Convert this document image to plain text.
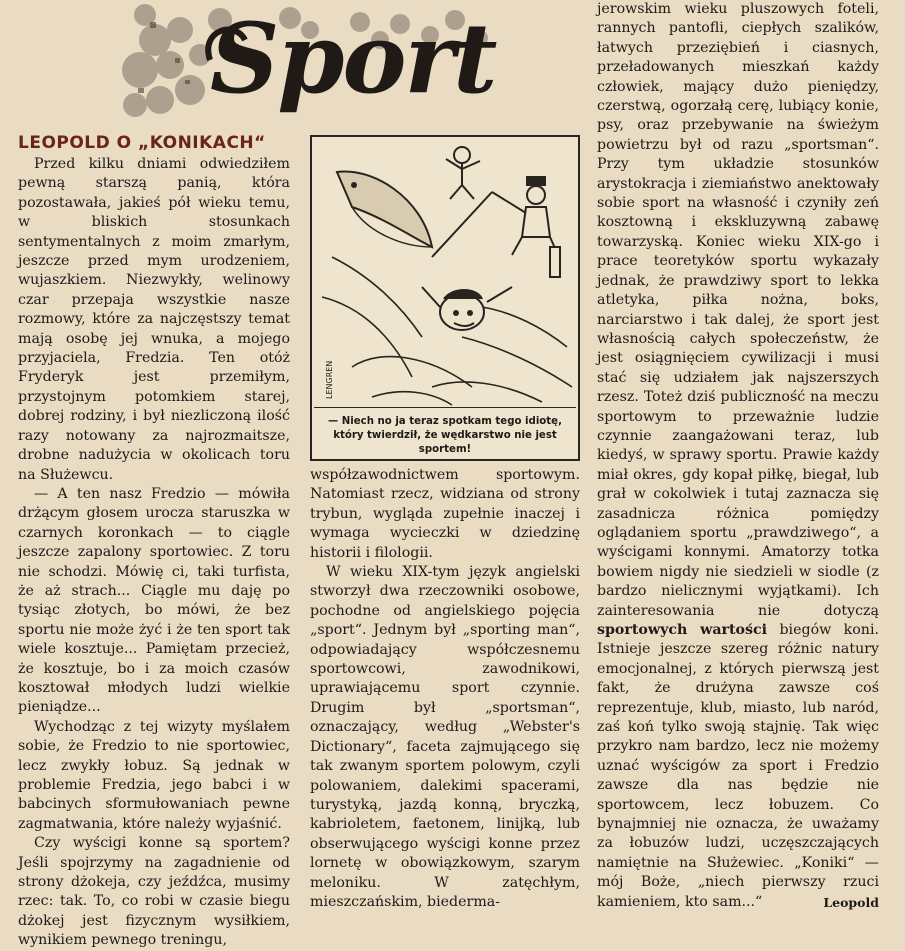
Sport
LEOPOLD O „KONIKACH“

Przed kilku dniami odwiedziłem pewną starszą panią, która pozostawała, jakieś pół wieku temu, w bliskich stosunkach sentymentalnych z moim zmarłym, jeszcze przed mym urodzeniem, wujaszkiem. Niezwykły, welinowy czar przepaja wszystkie nasze rozmowy, które za najczęstszy temat mają osobę jej wnuka, a mojego przyjaciela, Fredzia. Ten otóż Fryderyk jest przemiłym, przystojnym potomkiem starej, dobrej rodziny, i był niezliczoną ilość razy notowany za najrozmaitsze, drobne nadużycia w okolicach toru na Służewcu.

— A ten nasz Fredzio — mówiła drżącym głosem urocza staruszka w czarnych koronkach — to ciągle jeszcze zapalony sportowiec. Z toru nie schodzi. Mówię ci, taki turfista, że aż strach... Ciągle mu daję po tysiąc złotych, bo mówi, że bez sportu nie może żyć i że ten sport tak wiele kosztuje... Pamiętam przecież, że kosztuje, bo i za moich czasów kosztował młodych ludzi wielkie pieniądze...

Wychodząc z tej wizyty myślałem sobie, że Fredzio to nie sportowiec, lecz zwykły łobuz. Są jednak w problemie Fredzia, jego babci i w babcinych sformułowaniach pewne zagmatwania, które należy wyjaśnić.

Czy wyścigi konne są sportem? Jeśli spojrzymy na zagadnienie od strony dżokeja, czy jeźdźca, musimy rzec: tak. To, co robi w czasie biegu dżokej jest fizycznym wysiłkiem, wynikiem pewnego treningu,

LENGREN
— Niech no ja teraz spotkam tego idiotę, który twierdził, że wędkarstwo nie jest sportem!

współzawodnictwem sportowym. Natomiast rzecz, widziana od strony trybun, wygląda zupełnie inaczej i wymaga wycieczki w dziedzinę historii i filologii.

W wieku XIX-tym język angielski stworzył dwa rzeczowniki osobowe, pochodne od angielskiego pojęcia „sport“. Jednym był „sporting man“, odpowiadający współczesnemu sportowcowi, zawodnikowi, uprawiającemu sport czynnie. Drugim był „sportsman“, oznaczający, według „Webster's Dictionary“, faceta zajmującego się tak zwanym sportem polowym, czyli polowaniem, dalekimi spacerami, turystyką, jazdą konną, bryczką, kabrioletem, faetonem, linijką, lub obserwującego wyścigi konne przez lornetę w obowiązkowym, szarym meloniku. W zatęchłym, mieszczańskim, biederma-

jerowskim wieku pluszowych foteli, rannych pantofli, ciepłych szalików, łatwych przeziębień i ciasnych, przeładowanych mieszkań każdy człowiek, mający dużo pieniędzy, czerstwą, ogorzałą cerę, lubiący konie, psy, oraz przebywanie na świeżym powietrzu był od razu „sportsman“. Przy tym układzie stosunków arystokracja i ziemiaństwo anektowały sobie sport na własność i czyniły zeń kosztowną i ekskluzywną zabawę towarzyską. Koniec wieku XIX-go i prace teoretyków sportu wykazały jednak, że prawdziwy sport to lekka atletyka, piłka nożna, boks, narciarstwo i tak dalej, że sport jest własnością całych społeczeństw, że jest osiągnięciem cywilizacji i musi stać się udziałem jak najszerszych rzesz. Toteż dziś publiczność na meczu sportowym to przeważnie ludzie czynnie zaangażowani teraz, lub kiedyś, w sprawy sportu. Prawie każdy miał okres, gdy kopał piłkę, biegał, lub grał w cokolwiek i tutaj zaznacza się zasadnicza różnica pomiędzy oglądaniem sportu „prawdziwego“, a wyścigami konnymi. Amatorzy totka bowiem nigdy nie siedzieli w siodle (z bardzo nielicznymi wyjątkami). Ich zainteresowania nie	dotyczą sportowych wartości biegów koni. Istnieje jeszcze szereg różnic natury emocjonalnej, z których pierwszą jest fakt, że drużyna zawsze coś reprezentuje, klub, miasto, lub naród, zaś koń tylko swoją stajnię. Tak więc przykro nam bardzo, lecz nie możemy uznać wyścigów za sport i Fredzio zawsze dla nas będzie nie sportowcem, lecz łobuzem. Co bynajmniej nie oznacza, że uważamy za łobuzów ludzi, uczęszczających namiętnie na Służewiec. „Koniki“ — mój Boże, „niech pierwszy rzuci kamieniem, kto sam...“	Leopold
